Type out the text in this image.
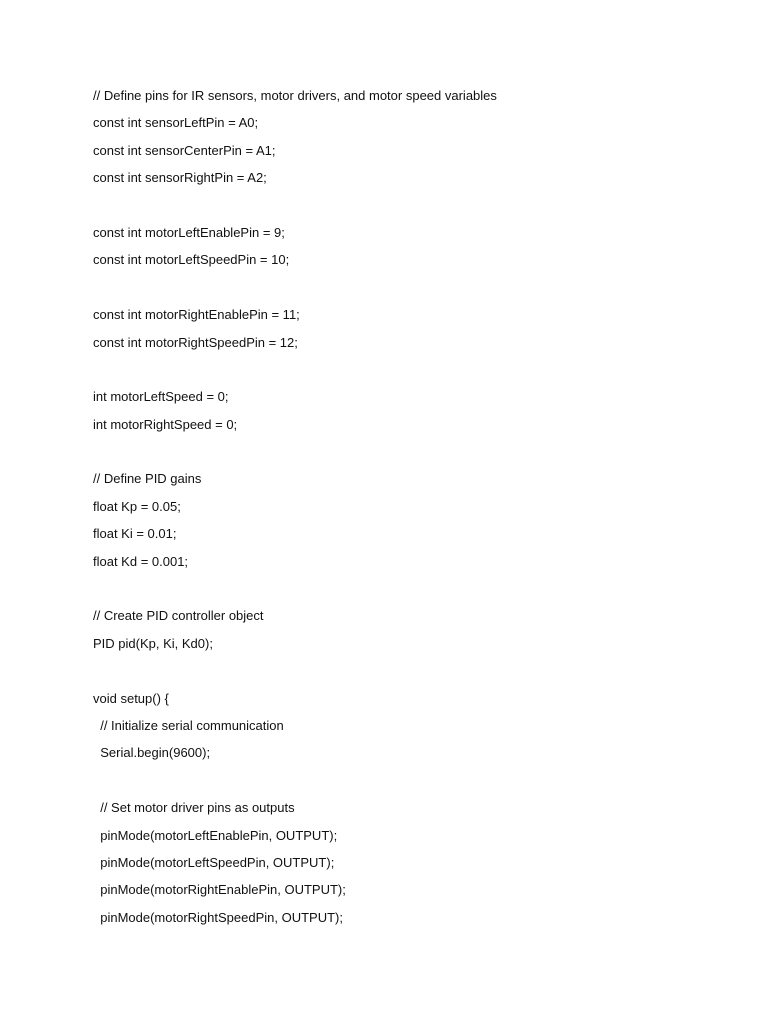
// Define pins for IR sensors, motor drivers, and motor speed variables
const int sensorLeftPin = A0;
const int sensorCenterPin = A1;
const int sensorRightPin = A2;
const int motorLeftEnablePin = 9;
const int motorLeftSpeedPin = 10;
const int motorRightEnablePin = 11;
const int motorRightSpeedPin = 12;
int motorLeftSpeed = 0;
int motorRightSpeed = 0;
// Define PID gains
float Kp = 0.05;
float Ki = 0.01;
float Kd = 0.001;
// Create PID controller object
PID pid(Kp, Ki, Kd0);
void setup() {
// Initialize serial communication
Serial.begin(9600);
// Set motor driver pins as outputs
pinMode(motorLeftEnablePin, OUTPUT);
pinMode(motorLeftSpeedPin, OUTPUT);
pinMode(motorRightEnablePin, OUTPUT);
pinMode(motorRightSpeedPin, OUTPUT);
